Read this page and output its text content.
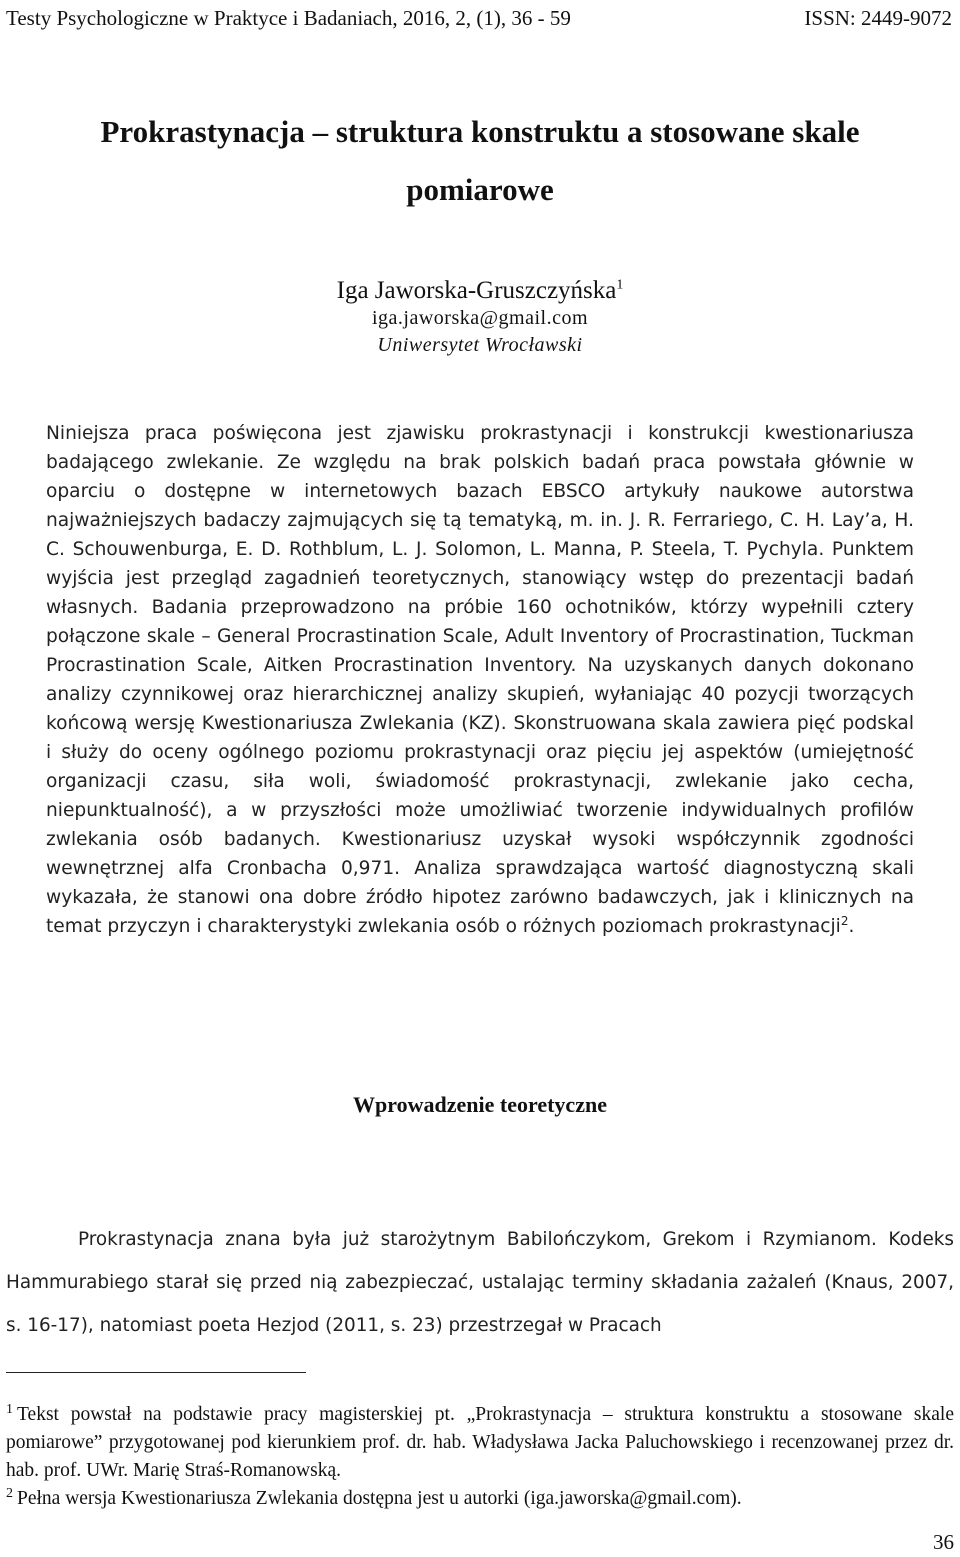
Testy Psychologiczne w Praktyce i Badaniach, 2016, 2, (1), 36 - 59	ISSN: 2449-9072
Prokrastynacja – struktura konstruktu a stosowane skale pomiarowe
Iga Jaworska-Gruszczyńska$^1$
iga.jaworska@gmail.com
Uniwersytet Wrocławski
Niniejsza praca poświęcona jest zjawisku prokrastynacji i konstrukcji kwestionariusza badającego zwlekanie. Ze względu na brak polskich badań praca powstała głównie w oparciu o dostępne w internetowych bazach EBSCO artykuły naukowe autorstwa najważniejszych badaczy zajmujących się tą tematyką, m. in. J. R. Ferrariego, C. H. Lay’a, H. C. Schouwenburga, E. D. Rothblum, L. J. Solomon, L. Manna, P. Steela, T. Pychyla. Punktem wyjścia jest przegląd zagadnień teoretycznych, stanowiący wstęp do prezentacji badań własnych. Badania przeprowadzono na próbie 160 ochotników, którzy wypełnili cztery połączone skale – General Procrastination Scale, Adult Inventory of Procrastination, Tuckman Procrastination Scale, Aitken Procrastination Inventory. Na uzyskanych danych dokonano analizy czynnikowej oraz hierarchicznej analizy skupień, wyłaniając 40 pozycji tworzących końcową wersję Kwestionariusza Zwlekania (KZ). Skonstruowana skala zawiera pięć podskal i służy do oceny ogólnego poziomu prokrastynacji oraz pięciu jej aspektów (umiejętność organizacji czasu, siła woli, świadomość prokrastynacji, zwlekanie jako cecha, niepunktualność), a w przyszłości może umożliwiać tworzenie indywidualnych profilów zwlekania osób badanych. Kwestionariusz uzyskał wysoki współczynnik zgodności wewnętrznej alfa Cronbacha 0,971. Analiza sprawdzająca wartość diagnostyczną skali wykazała, że stanowi ona dobre źródło hipotez zarówno badawczych, jak i klinicznych na temat przyczyn i charakterystyki zwlekania osób o różnych poziomach prokrastynacji$^2$.
Wprowadzenie teoretyczne
Prokrastynacja znana była już starożytnym Babilończykom, Grekom i Rzymianom. Kodeks Hammurabiego starał się przed nią zabezpieczać, ustalając terminy składania zażaleń (Knaus, 2007, s. 16-17), natomiast poeta Hezjod (2011, s. 23) przestrzegał w Pracach

$^1$ Tekst powstał na podstawie pracy magisterskiej pt. „Prokrastynacja – struktura konstruktu a stosowane skale pomiarowe” przygotowanej pod kierunkiem prof. dr. hab. Władysława Jacka Paluchowskiego i recenzowanej przez dr. hab. prof. UWr. Marię Straś-Romanowską.

$^2$ Pełna wersja Kwestionariusza Zwlekania dostępna jest u autorki (iga.jaworska@gmail.com).

36
